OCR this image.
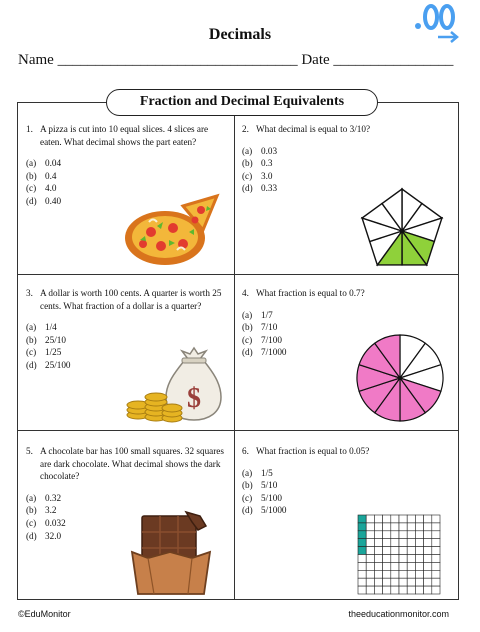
Decimals
Name ________________________________ Date ________________
1. A pizza is cut into 10 equal slices. 4 slices are eaten. What decimal shows the part eaten?
(a) 0.04
(b) 0.4
(c) 4.0
(d) 0.40
2. What decimal is equal to 3/10?
(a) 0.03
(b) 0.3
(c) 3.0
(d) 0.33
3. A dollar is worth 100 cents. A quarter is worth 25 cents. What fraction of a dollar is a quarter?
(a) 1/4
(b) 25/10
(c) 1/25
(d) 25/100
$
4. What fraction is equal to 0.7?
(a) 1/7
(b) 7/10
(c) 7/100
(d) 7/1000
5. A chocolate bar has 100 small squares. 32 squares are dark chocolate. What decimal shows the dark chocolate?
(a) 0.32
(b) 3.2
(c) 0.032
(d) 32.0
6. What fraction is equal to 0.05?
(a) 1/5
(b) 5/10
(c) 5/100
(d) 5/1000
Fraction and Decimal Equivalents
©EduMonitor	theeducationmonitor.com
